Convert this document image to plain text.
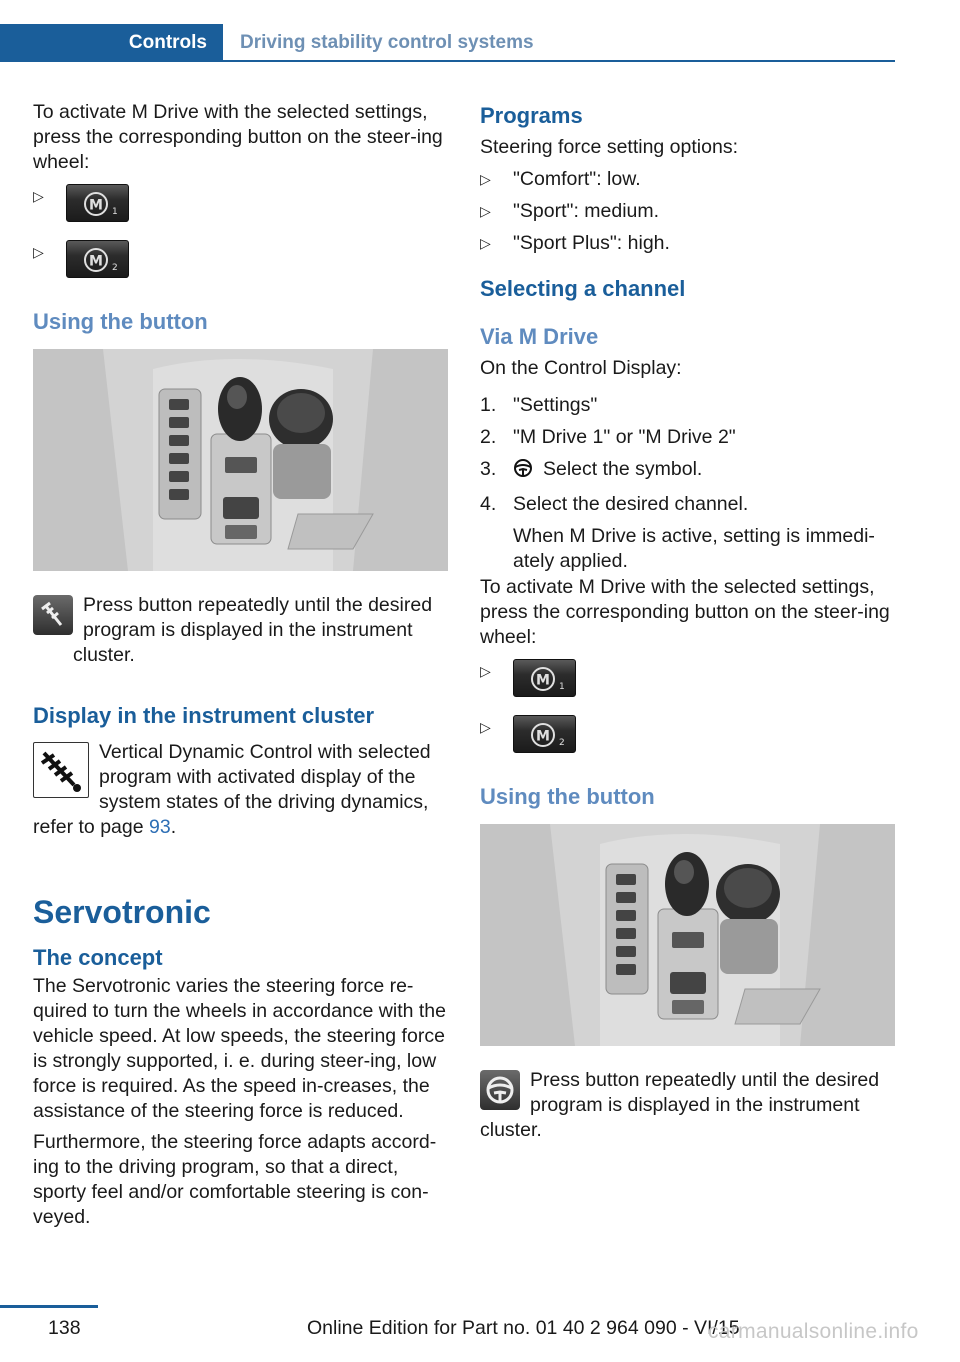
Controls	Driving stability control systems

To activate M Drive with the selected settings, press the corresponding button on the steer-ing wheel:

▷
M 1
▷
M 2
Using the button

Press button repeatedly until the desired program is displayed in the instrument cluster.

Display in the instrument cluster

Vertical Dynamic Control with selected program with activated display of the system states of the driving dynamics, refer to page 93.

Servotronic
The concept

The Servotronic varies the steering force re-quired to turn the wheels in accordance with the vehicle speed. At low speeds, the steering force is strongly supported, i. e. during steer-ing, low force is required. As the speed in-creases, the assistance of the steering force is reduced.

Furthermore, the steering force adapts accord-ing to the driving program, so that a direct, sporty feel and/or comfortable steering is con-veyed.

Programs

Steering force setting options:

▷ "Comfort": low.
▷ "Sport": medium.
▷ "Sport Plus": high.
Selecting a channel
Via M Drive

On the Control Display:

1. "Settings"
2. "M Drive 1" or "M Drive 2"
3. Select the symbol.
4. Select the desired channel.

When M Drive is active, setting is immedi-ately applied.

To activate M Drive with the selected settings, press the corresponding button on the steer-ing wheel:

▷
M 1
▷
M 2
Using the button

Press button repeatedly until the desired program is displayed in the instrument cluster.

138	Online Edition for Part no. 01 40 2 964 090 - VI/15
carmanualsonline.info
